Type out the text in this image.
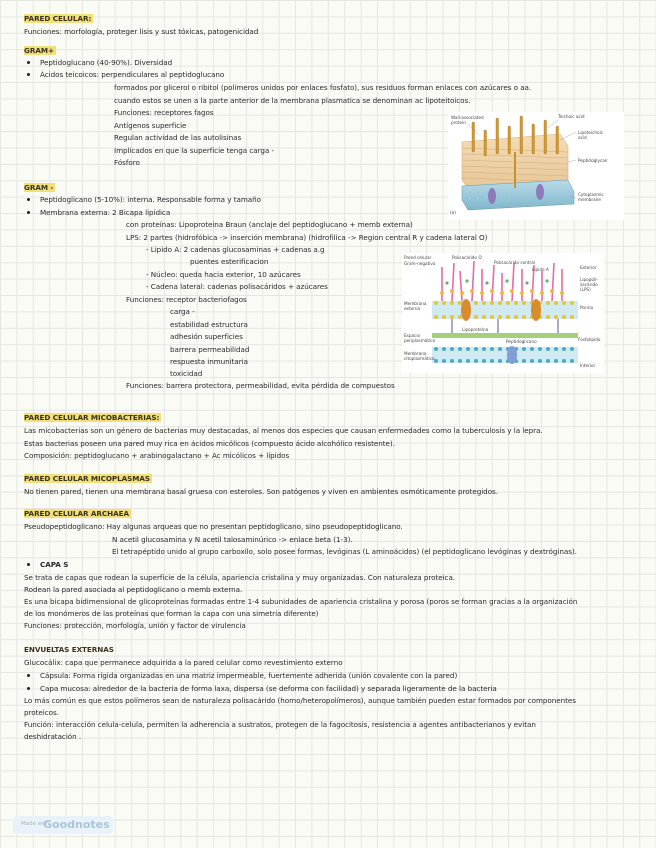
PARED CELULAR:
Funciones: morfología, proteger lisis y sust tóxicas, patogenicidad
GRAM+
Peptidoglucano (40-90%). Diversidad
Ácidos teicoicos: perpendiculares al peptidoglucano
formados por glicerol o ribitol (polímeros unidos por enlaces fosfato), sus residuos forman enlaces con azúcares o aa.
cuando estos se unen a la parte anterior de la membrana plasmatica se denominan ac lipoteitoicos.
Funciones: receptores fagos
Antígenos superficie
Regulan actividad de las autolisinas
Implicados en que la superficie tenga carga -
Fósforo
Wall-associated
protein
Teichoic acid
Lipoteichoic
acid
Peptidoglycan
Cytoplasmic
membrane
(a)
GRAM -
Peptidoglicano (5-10%): interna. Responsable forma y tamaño
Membrana externa: 2 Bicapa lipídica
con proteínas: Lipoproteina Braun (anclaje del peptidoglucano + memb externa)
LPS: 2 partes (hidrofóbica -> inserción membrana) (hidrofilica -> Region central R y cadena lateral O)
- Lipido A: 2 cadenas glucosaminas + cadenas a.g
puentes esterificacion
- Núcleo: queda hacia exterior, 10 azúcares
- Cadena lateral: cadenas polisacáridos + azúcares
Funciones: receptor bacteriofagos
carga -
estabilidad estructura
adhesión superficies
barrera permeabilidad
respuesta inmunitaria
toxicidad
Funciones: barrera protectora, permeabilidad, evita pérdida de compuestos
Pared celular
Gram-negativa
Polisacárido O
Polisacárido central
Lípido A	Exterior
Lipopoli-
sacárido
(LPS)
Porina
Fosfolípido
Membrana
externa
Espacio
periplasmático
Membrana
citoplasmática
Lipoproteína
Peptidoglicano
Interior
PARED CELULAR MICOBACTERIAS:
Las micobacterias son un género de bacterias muy destacadas, al menos dos especies que causan enfermedades como la tuberculosis y la lepra.
Estas bacterias poseen una pared muy rica en ácidos micólicos (compuesto ácido alcohólico resistente).
Composición: peptidoglucano + arabinogalactano + Ac micólicos + lípidos
PARED CELULAR MICOPLASMAS
No tienen pared, tienen una membrana basal gruesa con esteroles. Son patógenos y viven en ambientes osmóticamente protegidos.
PARED CELULAR ARCHAEA
Pseudopeptidoglicano: Hay algunas arqueas que no presentan peptidoglicano, sino pseudopeptidoglicano.
N acetil glucosamina y N acetil talosaminúrico -> enlace beta (1-3).
El tetrapéptido unido al grupo carboxilo, solo posee formas, levóginas (L aminoácidos) (el peptidoglicano levóginas y dextróginas).
CAPA S
Se trata de capas que rodean la superficie de la célula, apariencia cristalina y muy organizadas. Con naturaleza proteica.
Rodean la pared asociada al peptidoglicano o memb externa.
Es una bicapa bidimensional de glicoproteínas formadas entre 1-4 subunidades de apariencia cristalina y porosa (poros se forman gracias a la organización
de los monómeros de las proteínas que forman la capa con una simetría diferente)
Funciones: protección, morfología, unión y factor de virulencia
ENVUELTAS EXTERNAS
Glucocálix: capa que permanece adquirida a la pared celular como revestimiento externo
Cápsula: Forma rígida organizadas en una matriz impermeable, fuertemente adherida (unión covalente con la pared)
Capa mucosa: alrededor de la bacteria de forma laxa, dispersa (se deforma con facilidad) y separada ligeramente de la bacteria
Lo más común es que estos polímeros sean de naturaleza polisacárido (homo/heteropolímeros), aunque también pueden estar formados por componentes
proteicos.
Función: interacción celula-celula, permiten la adherencia a sustratos, protegen de la fagocitosis, resistencia a agentes antibacterianos y evitan
deshidratación .
Made with
Goodnotes
